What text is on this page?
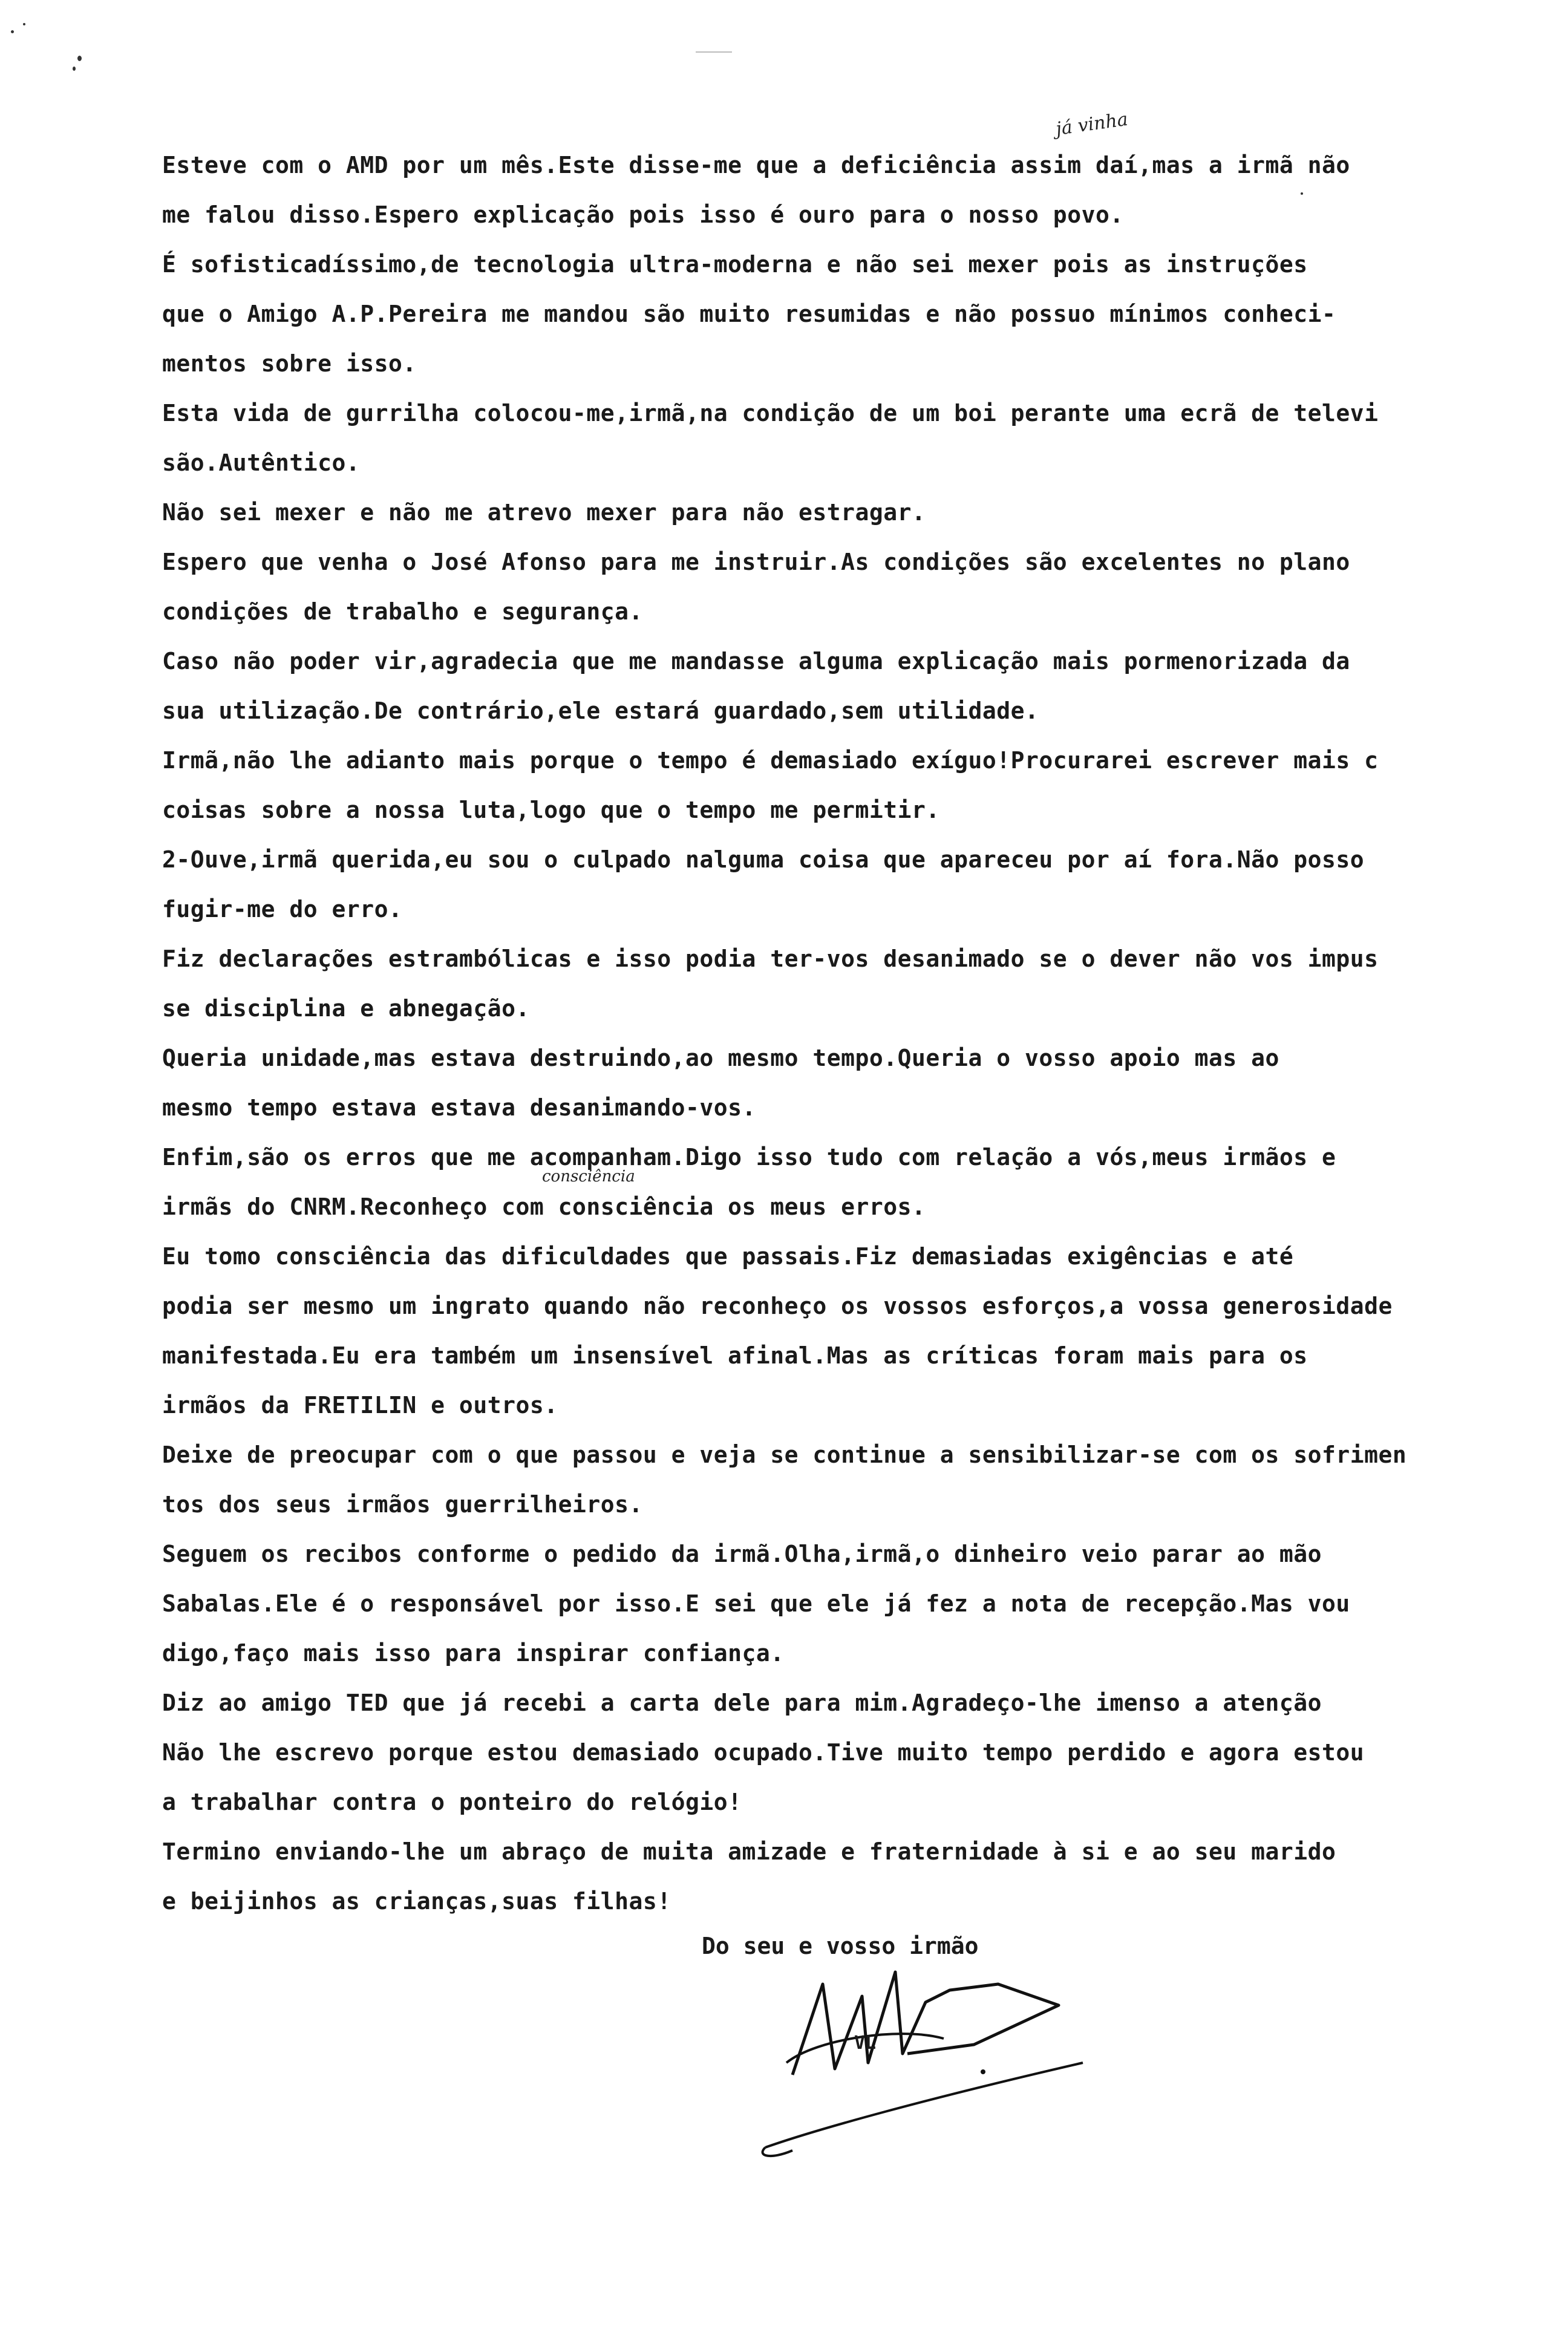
Esteve com o AMD por um mês.Este disse-me que a deficiência assim daí,mas a irmã não
me falou disso.Espero explicação pois isso é ouro para o nosso povo.
É sofisticadíssimo,de tecnologia ultra-moderna e não sei mexer pois as instruções
que o Amigo A.P.Pereira me mandou são muito resumidas e não possuo mínimos conheci-
mentos sobre isso.
Esta vida de gurrilha colocou-me,irmã,na condição de um boi perante uma ecrã de televi
são.Autêntico.
Não sei mexer e não me atrevo mexer para não estragar.
Espero que venha o José Afonso para me instruir.As condições são excelentes no plano
condições de trabalho e segurança.
Caso não poder vir,agradecia que me mandasse alguma explicação mais pormenorizada da
sua utilização.De contrário,ele estará guardado,sem utilidade.
Irmã,não lhe adianto mais porque o tempo é demasiado exíguo!Procurarei escrever mais c
coisas sobre a nossa luta,logo que o tempo me permitir.
2-Ouve,irmã querida,eu sou o culpado nalguma coisa que apareceu por aí fora.Não posso
fugir-me do erro.
Fiz declarações estrambólicas e isso podia ter-vos desanimado se o dever não vos impus
se disciplina e abnegação.
Queria unidade,mas estava destruindo,ao mesmo tempo.Queria o vosso apoio mas ao
mesmo tempo estava estava desanimando-vos.
Enfim,são os erros que me acompanham.Digo isso tudo com relação a vós,meus irmãos e
irmãs do CNRM.Reconheço com consciência os meus erros.
Eu tomo consciência das dificuldades que passais.Fiz demasiadas exigências e até
podia ser mesmo um ingrato quando não reconheço os vossos esforços,a vossa generosidade
manifestada.Eu era também um insensível afinal.Mas as críticas foram mais para os
irmãos da FRETILIN e outros.
Deixe de preocupar com o que passou e veja se continue a sensibilizar-se com os sofrimen
tos dos seus irmãos guerrilheiros.
Seguem os recibos conforme o pedido da irmã.Olha,irmã,o dinheiro veio parar ao mão
Sabalas.Ele é o responsável por isso.E sei que ele já fez a nota de recepção.Mas vou
digo,faço mais isso para inspirar confiança.
Diz ao amigo TED que já recebi a carta dele para mim.Agradeço-lhe imenso a atenção
Não lhe escrevo porque estou demasiado ocupado.Tive muito tempo perdido e agora estou
a trabalhar contra o ponteiro do relógio!
Termino enviando-lhe um abraço de muita amizade e fraternidade à si e ao seu marido
e beijinhos as crianças,suas filhas!
já vinha
consciência
Do seu e vosso irmão
VL
